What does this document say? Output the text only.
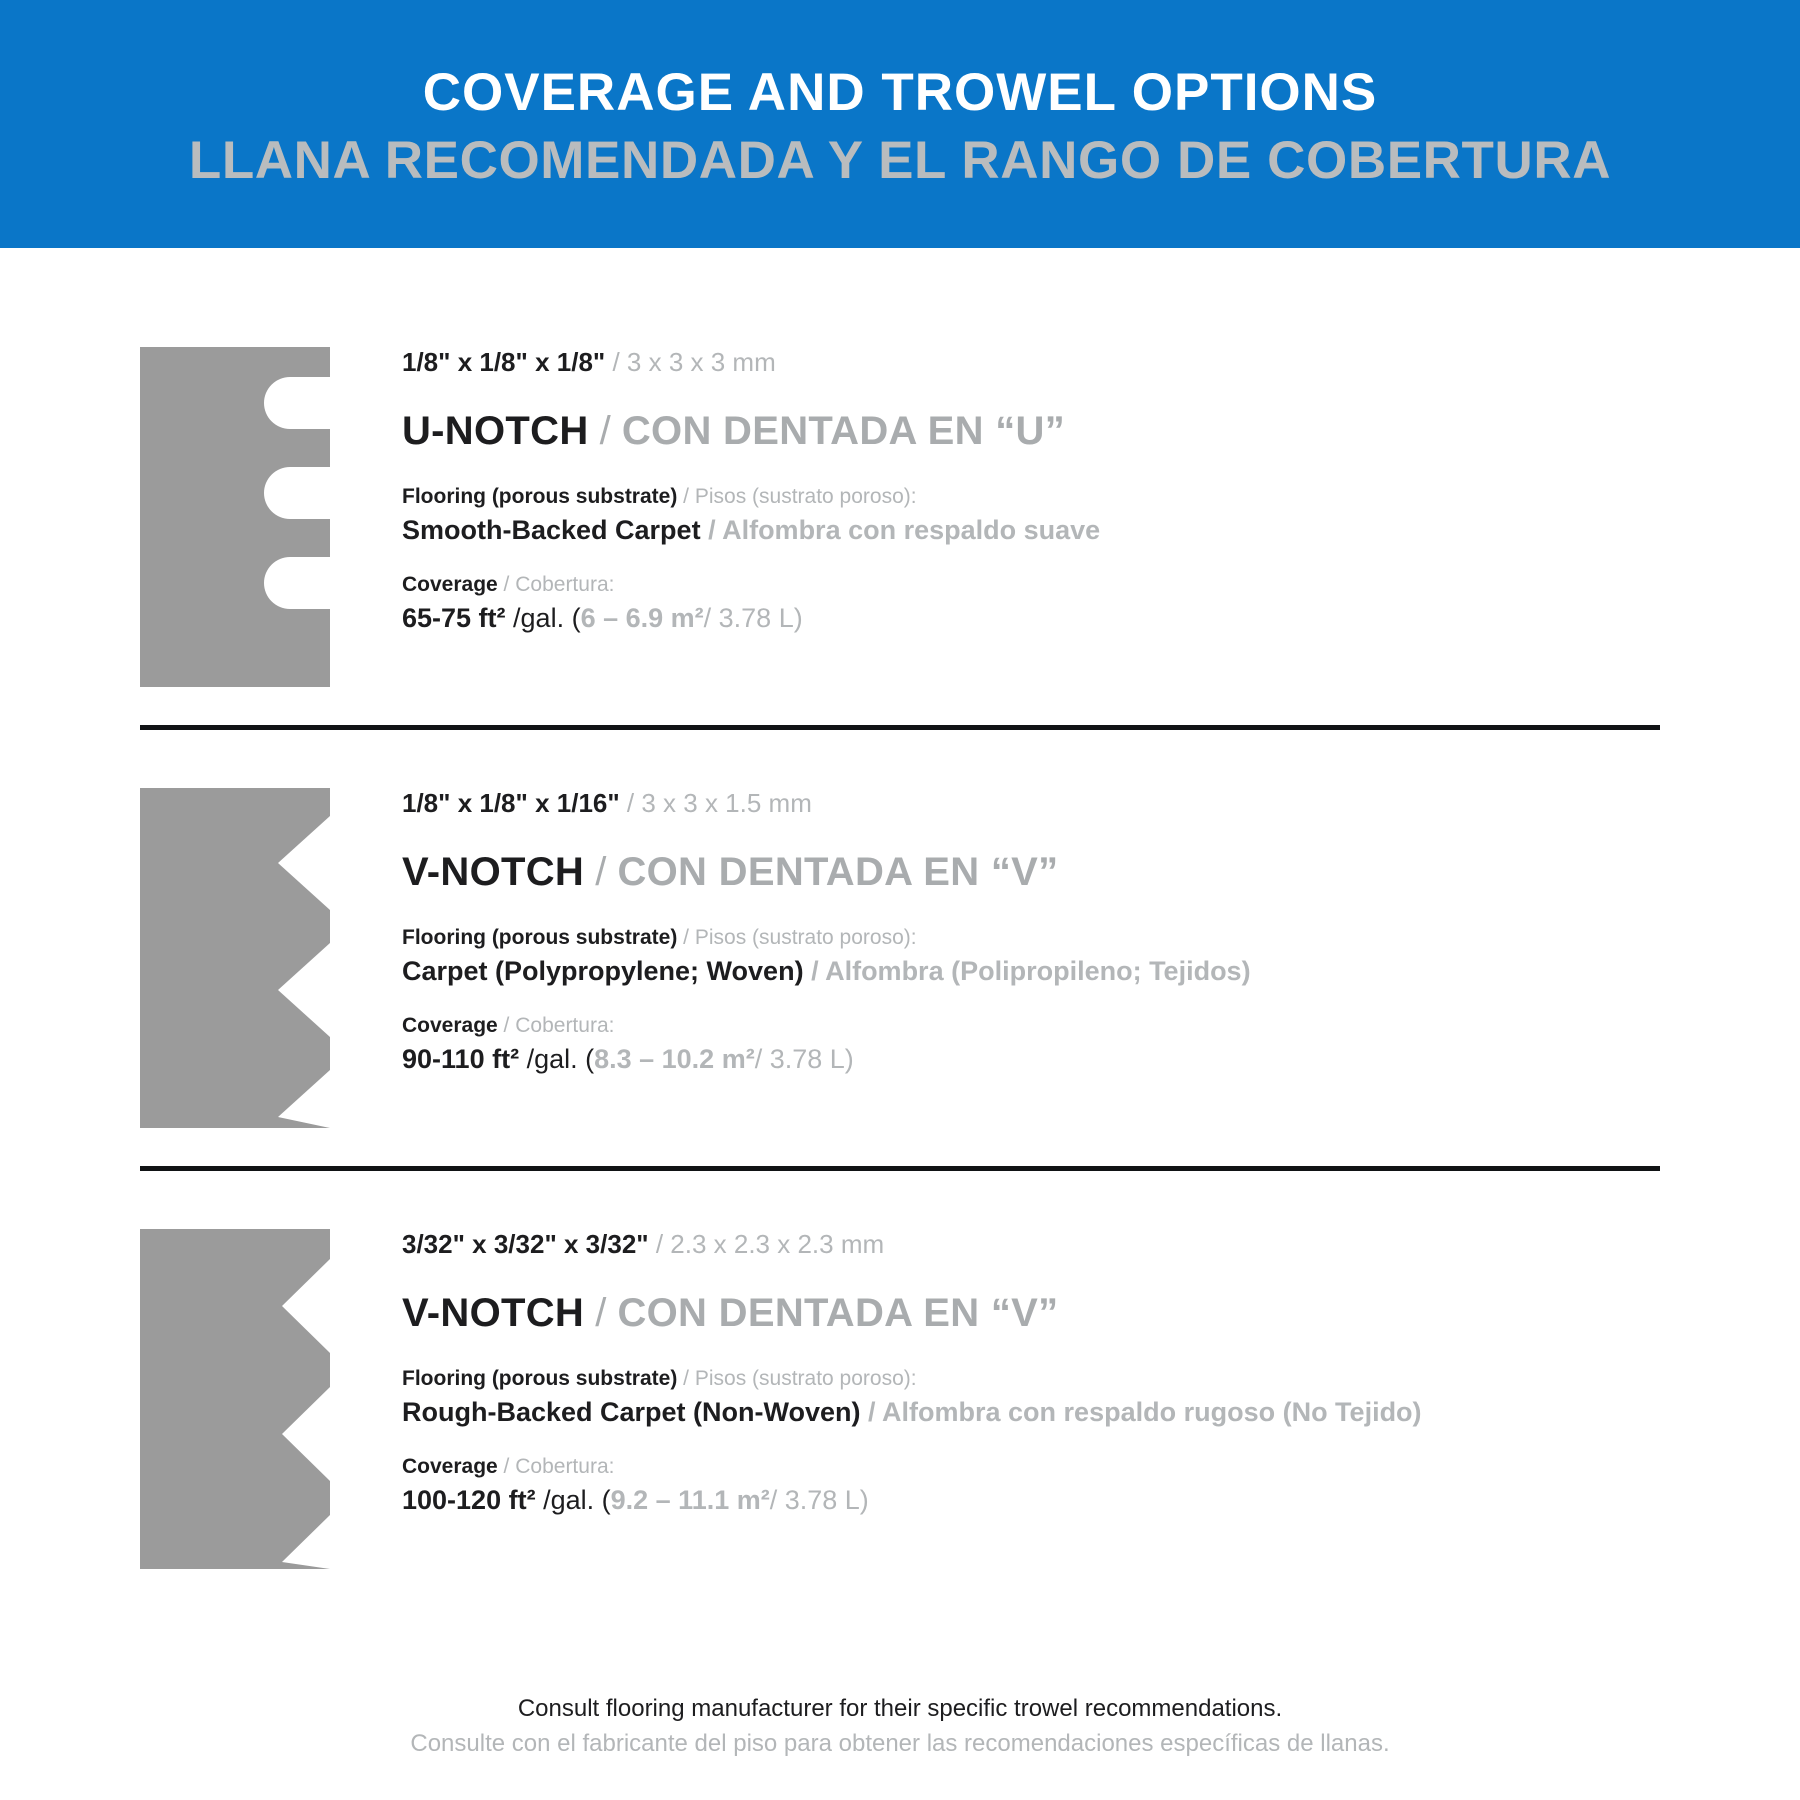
COVERAGE AND TROWEL OPTIONS
LLANA RECOMENDADA Y EL RANGO DE COBERTURA
1/8" x 1/8" x 1/8" / 3 x 3 x 3 mm
U-NOTCH / CON DENTADA EN “U”
Flooring (porous substrate) / Pisos (sustrato poroso):
Smooth-Backed Carpet / Alfombra con respaldo suave
Coverage / Cobertura:
65-75 ft² /gal. (6 – 6.9 m²/ 3.78 L)
1/8" x 1/8" x 1/16" / 3 x 3 x 1.5 mm
V-NOTCH / CON DENTADA EN “V”
Flooring (porous substrate) / Pisos (sustrato poroso):
Carpet (Polypropylene; Woven) / Alfombra (Polipropileno; Tejidos)
Coverage / Cobertura:
90-110 ft² /gal. (8.3 – 10.2 m²/ 3.78 L)
3/32" x 3/32" x 3/32" / 2.3 x 2.3 x 2.3 mm
V-NOTCH / CON DENTADA EN “V”
Flooring (porous substrate) / Pisos (sustrato poroso):
Rough-Backed Carpet (Non-Woven) / Alfombra con respaldo rugoso (No Tejido)
Coverage / Cobertura:
100-120 ft² /gal. (9.2 – 11.1 m²/ 3.78 L)
Consult flooring manufacturer for their specific trowel recommendations.
Consulte con el fabricante del piso para obtener las recomendaciones específicas de llanas.
